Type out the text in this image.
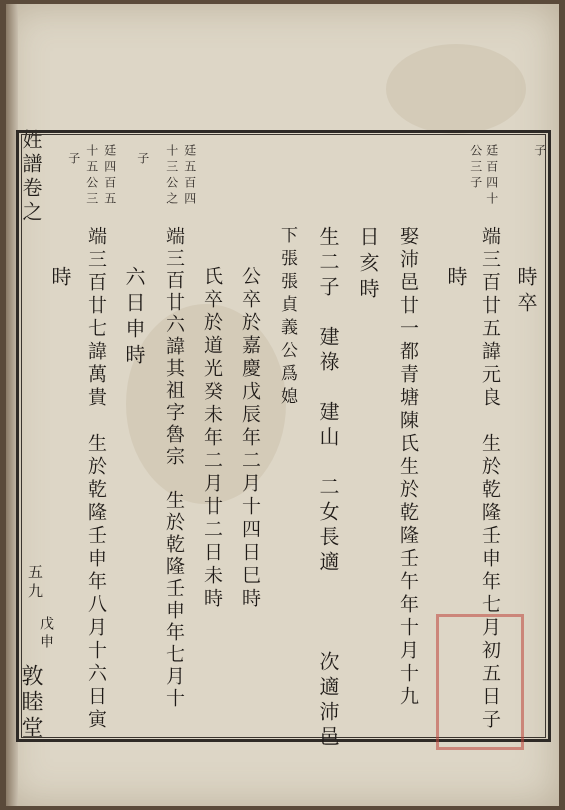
姓譜卷之
五九
戊申
敦睦堂
子
廷百四十
公三子
子	廷五百四
十三公之
子 廷四百五
十五公三
時卒
端三百廿五諱元良　生於乾隆壬申年七月初五日子
時
娶沛邑廿一都青塘陳氏生於乾隆壬午年十月十九
日亥時
生二子　建祿　建山　二女長適　　　次適沛邑
下張張貞義公爲媳
公卒於嘉慶戊辰年二月十四日巳時
氏卒於道光癸未年二月廿二日未時
端三百廿六諱其祖字魯宗　生於乾隆壬申年七月十
六日申時
端三百廿七諱萬貴　生於乾隆壬申年八月十六日寅
時
